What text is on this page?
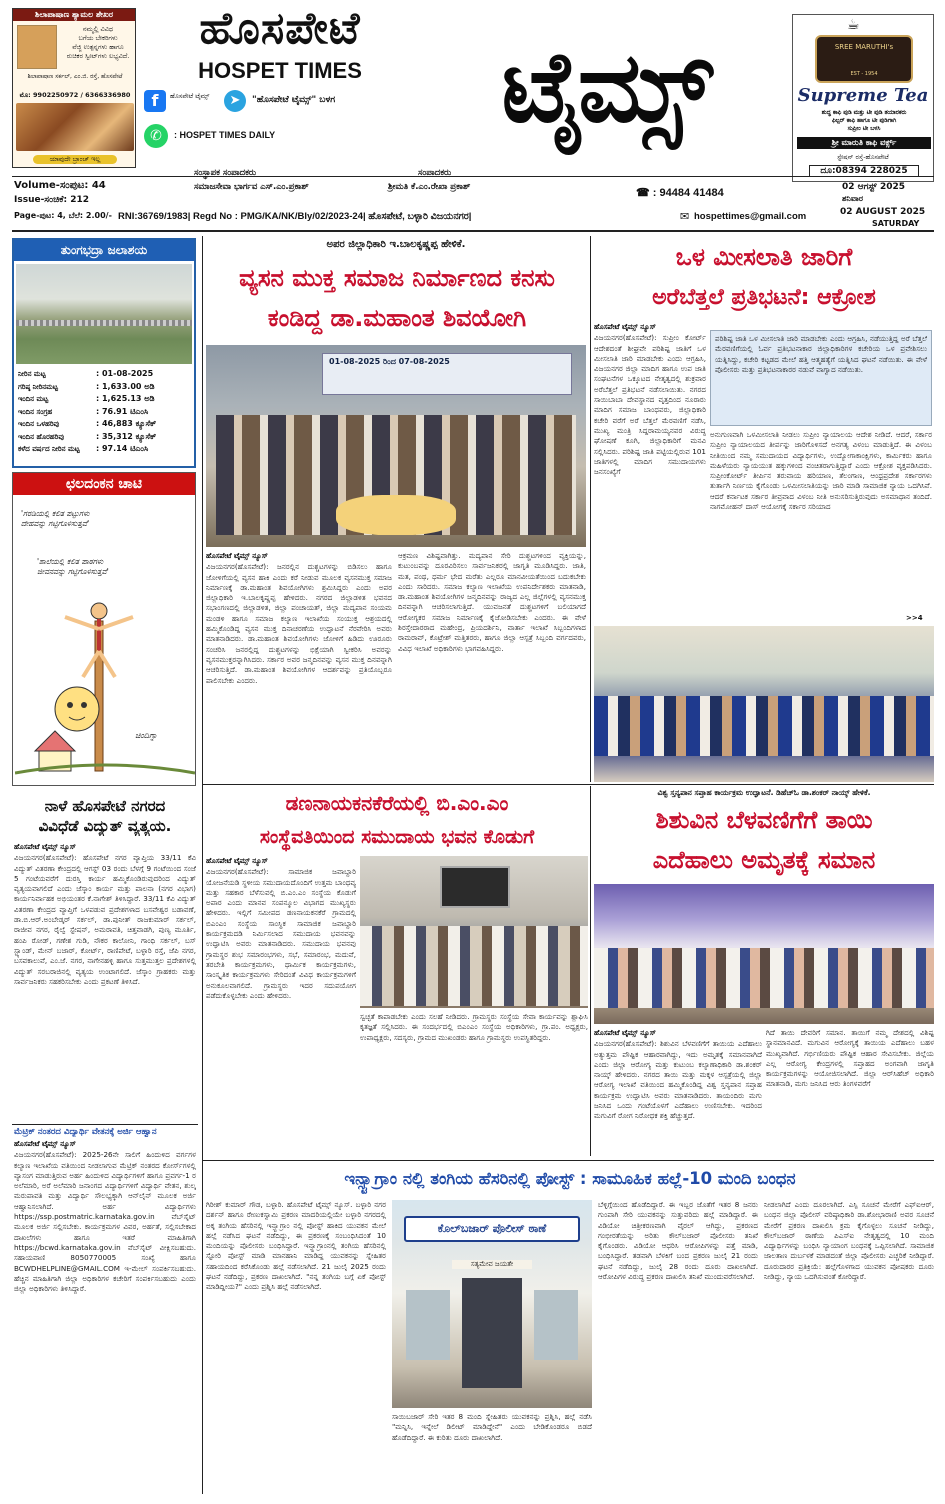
ಶಿಲಾಪಾಷಾಣ ಶ್ಯಾಮಲ ಶೇಖರ
ನಮ್ಮಲ್ಲಿ ವಿವಿಧ
ಬಗೆಯ ಬೇಕರಿಗಳು
ವೆಜ್ಜಿ ಉತ್ಪನ್ನಗಳು ಹಾಗೂ
ರುಚಿಕರ ಸ್ವೀಟ್‌ಗಳು ಲಭ್ಯವಿದೆ.
ಶಿಲಾಪಾಷಾಣ ಸರ್ಕಲ್, ಎಂ.ಜಿ. ರಸ್ತೆ, ಹೊಸಪೇಟೆ
ಮೊ: 9902250972 / 6366336980
ಯಾವುದೇ ಬ್ರಾಂಚ್ ಇಲ್ಲ
ಹೊಸಪೇಟೆ
HOSPET TIMES
f	ಹೊಸಪೇಟೆ ಟೈಮ್ಸ್	➤	"ಹೊಸಪೇಟೆ ಟೈಮ್ಸ್" ಬಳಗ
✆	: HOSPET TIMES DAILY	ಟೈಮ್ಸ್
☕
SREE MARUTHI's
EST - 1954
Supreme Tea
ಶುದ್ಧ ಕಾಫಿ ಪುಡಿ ಮತ್ತು ಟೀ ಪುಡಿ ತಯಾರಕರು
ಫಿಲ್ಟರ್ ಕಾಫಿ ಹಾಗೂ ಟೀ ಪುಡಿಗಾಗಿ
ಸುಪ್ರೀಂ ಟೀ ಬಳಸಿ
ಶ್ರೀ ಮಾರುತಿ ಕಾಫಿ ವರ್ಕ್ಸ್
ಸ್ಟೇಷನ್ ರಸ್ತೆ-ಹೊಸಪೇಟೆ
ದೂ:08394 228025
Volume-ಸಂಪುಟ: 44
Issue-ಸಂಚಿಕೆ: 212
Page-ಪುಟ: 4, ಬೆಲೆ: 2.00/-
ಸಂಸ್ಥಾಪಕ ಸಂಪಾದಕರು	ಸಂಪಾದಕರು
ಸಮಾಜಸೇವಾ ಭಾರ್ಗವ ಎಸ್.ಎಂ.ಪ್ರಕಾಶ್	ಶ್ರೀಮತಿ ಕೆ.ಎಂ.ರೇಖಾ ಪ್ರಕಾಶ್	☎ : 94484 41484	02 ಆಗಸ್ಟ್ 2025
ಶನಿವಾರ
RNI:36769/1983| Regd No : PMG/KA/NK/Bly/02/2023-24| ಹೊಸಪೇಟೆ, ಬಳ್ಳಾರಿ ವಿಜಯನಗರ|	✉ hospettimes@gmail.com	02 AUGUST 2025
SATURDAY
ತುಂಗಭದ್ರಾ ಜಲಾಶಯ
ನೀರಿನ ಮಟ್ಟ	: 01-08-2025
ಗರಿಷ್ಠ ನೀರಿನಮಟ್ಟ	: 1,633.00 ಅಡಿ
ಇಂದಿನ ಮಟ್ಟ	: 1,625.13 ಅಡಿ
ಇಂದಿನ ಸಂಗ್ರಹ	: 76.91 ಟಿಎಂಸಿ
ಇಂದಿನ ಒಳಹರಿವು	: 46,883 ಕ್ಯೂಸೆಕ್
ಇಂದಿನ ಹೊರಹರಿವು	: 35,312 ಕ್ಯೂಸೆಕ್
ಕಳೆದ ವರ್ಷದ ನೀರಿನ ಮಟ್ಟ	: 97.14 ಟಿಎಂಸಿ
ಛಲದಂಕನ ಚಾಟಿ
'ಗರಡಿಯಲ್ಲಿ ಕಲಿತ ಪಟ್ಟುಗಳು
ದೇಹವನ್ನು ಗಟ್ಟಿಗೊಳಿಸುತ್ತವೆ'
'ಶಾಲೆಯಲ್ಲಿ ಕಲಿತ ಪಾಠಗಳು
ಜೀವನವನ್ನು ಗಟ್ಟಿಗೊಳಿಸುತ್ತವೆ'
ಚಿಂದಿಗ್ನಾ
ನಾಳೆ ಹೊಸಪೇಟೆ ನಗರದ
ವಿವಿಧೆಡೆ ವಿದ್ಯುತ್ ವ್ಯತ್ಯಯ.

ಹೊಸಪೇಟೆ ಟೈಮ್ಸ್ ನ್ಯೂಸ್

ವಿಜಯನಗರ(ಹೊಸಪೇಟೆ): ಹೊಸಪೇಟೆ ನಗರ ವ್ಯಾಪ್ತಿಯ 33/11 ಕೆವಿ ವಿದ್ಯುತ್ ವಿತರಣಾ ಕೇಂದ್ರದಲ್ಲಿ ಆಗಸ್ಟ್ 03 ರಂದು ಬೆಳಗ್ಗೆ 9 ಗಂಟೆಯಿಂದ ಸಂಜೆ 5 ಗಂಟೆಯವರೆಗೆ ದುರಸ್ತಿ ಕಾರ್ಯ ಹಮ್ಮಿಕೊಂಡಿರುವುದರಿಂದ ವಿದ್ಯುತ್ ವ್ಯತ್ಯಯವಾಗಲಿದೆ ಎಂದು ಜೆಸ್ಕಾಂ ಕಾರ್ಯ ಮತ್ತು ಪಾಲನಾ (ನಗರ ವಿಭಾಗ) ಕಾರ್ಯನಿರ್ವಾಹಕ ಅಭಿಯಂತರ ಕೆ.ನಾಗೇಶ್ ತಿಳಿಸಿದ್ದಾರೆ. 33/11 ಕೆವಿ ವಿದ್ಯುತ್ ವಿತರಣಾ ಕೇಂದ್ರದ ವ್ಯಾಪ್ತಿಗೆ ಒಳಪಡುವ ಪ್ರದೇಶಗಳಾದ ಬಸವೇಶ್ವರ ಬಡಾವಣೆ, ಡಾ.ಬಿ.ಆರ್.ಅಂಬೇಡ್ಕರ್ ಸರ್ಕಲ್, ಡಾ.ಪುನೀತ್ ರಾಜಕುಮಾರ್ ಸರ್ಕಲ್, ರಾಜೀವ ನಗರ, ರೈಲ್ವೆ ಸ್ಟೇಷನ್, ಅಮರಾವತಿ, ಚಿತ್ತವಾಡಗಿ, ಪುಣ್ಯ ಮೂರ್ತಿ, ಹಂಪಿ ರೋಡ್, ಗಣೇಶ ಗುಡಿ, ನೌಕರ ಕಾಲೋನಿ, ಗಾಂಧಿ ಸರ್ಕಲ್, ಬಸ್ ಸ್ಟ್ಯಾಂಡ್, ಮೇನ್ ಬಜಾರ್, ಕೋರ್ಟ್, ರಾಣಿಪೇಟೆ, ಬಳ್ಳಾರಿ ರಸ್ತೆ, ಜೆಪಿ ನಗರ, ಬಸವಕಾಲುವೆ, ಎಂ.ಜೆ. ನಗರ, ನಾಗೇನಹಳ್ಳಿ ಹಾಗೂ ಸುತ್ತಮುತ್ತಲ ಪ್ರದೇಶಗಳಲ್ಲಿ ವಿದ್ಯುತ್ ಸರಬರಾಜಿನಲ್ಲಿ ವ್ಯತ್ಯಯ ಉಂಟಾಗಲಿದೆ. ಜೆಸ್ಕಾಂ ಗ್ರಾಹಕರು ಮತ್ತು ಸಾರ್ವಜನಿಕರು ಸಹಕರಿಸಬೇಕು ಎಂದು ಪ್ರಕಟಣೆ ತಿಳಿಸಿದೆ.

ಮೆಟ್ರಿಕ್ ನಂತರದ ವಿದ್ಯಾರ್ಥಿ ವೇತನಕ್ಕೆ ಅರ್ಜಿ ಆಹ್ವಾನ

ಹೊಸಪೇಟೆ ಟೈಮ್ಸ್ ನ್ಯೂಸ್

ವಿಜಯನಗರ(ಹೊಸಪೇಟೆ): 2025-26ನೇ ಸಾಲಿಗೆ ಹಿಂದುಳಿದ ವರ್ಗಗಳ ಕಲ್ಯಾಣ ಇಲಾಖೆಯ ವತಿಯಿಂದ ನೀಡಲಾಗುವ ಮೆಟ್ರಿಕ್ ನಂತರದ ಕೋರ್ಸ್‌ಗಳಲ್ಲಿ ವ್ಯಾಸಂಗ ಮಾಡುತ್ತಿರುವ ಅರ್ಹ ಹಿಂದುಳಿದ ವಿದ್ಯಾರ್ಥಿಗಳಿಗೆ ಹಾಗೂ ಪ್ರವರ್ಗ-1 ರ ಅಲೆಮಾರಿ, ಅರೆ ಅಲೆಮಾರಿ ಜನಾಂಗದ ವಿದ್ಯಾರ್ಥಿಗಳಿಗೆ ವಿದ್ಯಾರ್ಥಿ ವೇತನ, ಶುಲ್ಕ ಮರುಪಾವತಿ ಮತ್ತು ವಿದ್ಯಾರ್ಥಿ ಸೌಲಭ್ಯಕ್ಕಾಗಿ ಆನ್‌ಲೈನ್ ಮೂಲಕ ಅರ್ಜಿ ಆಹ್ವಾನಿಸಲಾಗಿದೆ. ಅರ್ಹ ವಿದ್ಯಾರ್ಥಿಗಳು https://ssp.postmatric.karnataka.gov.in ವೆಬ್‌ಸೈಟ್ ಮೂಲಕ ಅರ್ಜಿ ಸಲ್ಲಿಸಬೇಕು. ಕಾರ್ಯಕ್ರಮಗಳ ವಿವರ, ಅರ್ಹತೆ, ಸಲ್ಲಿಸಬೇಕಾದ ದಾಖಲೆಗಳು ಹಾಗೂ ಇತರೆ ಮಾಹಿತಿಗಾಗಿ https://bcwd.karnataka.gov.in ವೆಬ್‌ಸೈಟ್ ವೀಕ್ಷಿಸಬಹುದು. ಸಹಾಯವಾಣಿ 8050770005 ಸಂಖ್ಯೆ ಹಾಗೂ BCWDHELPLINE@GMAIL.COM ಇ-ಮೇಲ್ ಸಂಪರ್ಕಿಸಬಹುದು. ಹೆಚ್ಚಿನ ಮಾಹಿತಿಗಾಗಿ ಜಿಲ್ಲಾ ಅಧಿಕಾರಿಗಳ ಕಚೇರಿಗೆ ಸಂಪರ್ಕಿಸಬಹುದು ಎಂದು ಜಿಲ್ಲಾ ಅಧಿಕಾರಿಗಳು ತಿಳಿಸಿದ್ದಾರೆ.

ಅಪರ ಜಿಲ್ಲಾಧಿಕಾರಿ ಇ.ಬಾಲಕೃಷ್ಣಪ್ಪ ಹೇಳಿಕೆ.
ವ್ಯಸನ ಮುಕ್ತ ಸಮಾಜ ನಿರ್ಮಾಣದ ಕನಸು
ಕಂಡಿದ್ದ ಡಾ.ಮಹಾಂತ ಶಿವಯೋಗಿ
01-08-2025 ರಿಂದ 07-08-2025

ಹೊಸಪೇಟೆ ಟೈಮ್ಸ್ ನ್ಯೂಸ್

ವಿಜಯನಗರ(ಹೊಸಪೇಟೆ): ಜನರಲ್ಲಿನ ದುಶ್ಚಟಗಳನ್ನು ಬಿಡಿಸಲು ಹಾಗೂ ಜೋಳಿಗೆಯಲ್ಲಿ ವ್ಯಸನ ಹಾಕಿ ಎಂದು ಕರೆ ನೀಡುವ ಮೂಲಕ ವ್ಯಸನಮುಕ್ತ ಸಮಾಜ ನಿರ್ಮಾಣಕ್ಕೆ ಡಾ.ಮಹಾಂತ ಶಿವಯೋಗಿಗಳು ಶ್ರಮಿಸಿದ್ದರು ಎಂದು ಅಪರ ಜಿಲ್ಲಾಧಿಕಾರಿ ಇ.ಬಾಲಕೃಷ್ಣಪ್ಪ ಹೇಳಿದರು. ನಗರದ ಜಿಲ್ಲಾಡಳಿತ ಭವನದ ಸಭಾಂಗಣದಲ್ಲಿ ಜಿಲ್ಲಾಡಳಿತ, ಜಿಲ್ಲಾ ಪಂಚಾಯತ್, ಜಿಲ್ಲಾ ಮದ್ಯಪಾನ ಸಂಯಮ ಮಂಡಳಿ ಹಾಗೂ ಸಮಾಜ ಕಲ್ಯಾಣ ಇಲಾಖೆಯ ಸಂಯುಕ್ತ ಆಶ್ರಯದಲ್ಲಿ ಹಮ್ಮಿಕೊಂಡಿದ್ದ ವ್ಯಸನ ಮುಕ್ತ ದಿನಾಚರಣೆಯ ಉದ್ಘಾಟನೆ ನೆರವೇರಿಸಿ ಅವರು ಮಾತನಾಡಿದರು. ಡಾ.ಮಹಾಂತ ಶಿವಯೋಗಿಗಳು ಜೋಳಿಗೆ ಹಿಡಿದು ಊರೂರು ಸಂಚರಿಸಿ ಜನರಲ್ಲಿದ್ದ ದುಶ್ಚಟಗಳನ್ನು ಭಿಕ್ಷೆಯಾಗಿ ಸ್ವೀಕರಿಸಿ ಅವರನ್ನು ವ್ಯಸನಮುಕ್ತರನ್ನಾಗಿಸಿದರು. ಸರ್ಕಾರ ಅವರ ಜನ್ಮದಿನವನ್ನು ವ್ಯಸನ ಮುಕ್ತ ದಿನವನ್ನಾಗಿ ಆಚರಿಸುತ್ತಿದೆ. ಡಾ.ಮಹಾಂತ ಶಿವಯೋಗಿಗಳ ಆದರ್ಶವನ್ನು ಪ್ರತಿಯೊಬ್ಬರೂ ಪಾಲಿಸಬೇಕು ಎಂದರು.

ಆಕ್ರಮಣ ವಿಶಿಷ್ಟವಾಗಿತ್ತು. ಮದ್ಯಪಾನ ಸೇರಿ ದುಶ್ಚಟಗಳಿಂದ ವ್ಯಕ್ತಿಯನ್ನು, ಕುಟುಂಬವನ್ನು ದೂರವಿರಿಸಲು ಸಾರ್ವಜನಿಕರಲ್ಲಿ ಜಾಗೃತಿ ಮೂಡಿಸಿದ್ದರು. ಜಾತಿ, ಮತ, ಪಂಥ, ಧರ್ಮ ಭೇದ ಮರೆತು ಎಲ್ಲರೂ ಮಾನವೀಯತೆಯಿಂದ ಬದುಕಬೇಕು ಎಂದು ಸಾರಿದರು. ಸಮಾಜ ಕಲ್ಯಾಣ ಇಲಾಖೆಯ ಉಪನಿರ್ದೇಶಕರು ಮಾತನಾಡಿ, ಡಾ.ಮಹಾಂತ ಶಿವಯೋಗಿಗಳ ಜನ್ಮದಿನವನ್ನು ರಾಜ್ಯದ ಎಲ್ಲ ಜಿಲ್ಲೆಗಳಲ್ಲಿ ವ್ಯಸನಮುಕ್ತ ದಿನವನ್ನಾಗಿ ಆಚರಿಸಲಾಗುತ್ತಿದೆ. ಯುವಜನತೆ ದುಶ್ಚಟಗಳಿಗೆ ಬಲಿಯಾಗದೆ ಆರೋಗ್ಯಕರ ಸಮಾಜ ನಿರ್ಮಾಣಕ್ಕೆ ಕೈಜೋಡಿಸಬೇಕು ಎಂದರು. ಈ ವೇಳೆ ಶಿರಸ್ತೇದಾರರಾದ ಮಹೇಂದ್ರ, ಪ್ರಿಯದರ್ಶಿನಿ, ವಾರ್ತಾ ಇಲಾಖೆ ಸಿಬ್ಬಂದಿಗಳಾದ ರಾಮರಾವ್, ಕೊಟ್ರೇಶ್ ಮತ್ತಿತರರು, ಹಾಗೂ ಜಿಲ್ಲಾ ಆಸ್ಪತ್ರೆ ಸಿಬ್ಬಂದಿ ವರ್ಗದವರು, ವಿವಿಧ ಇಲಾಖೆ ಅಧಿಕಾರಿಗಳು ಭಾಗವಹಿಸಿದ್ದರು.

ಒಳ ಮೀಸಲಾತಿ ಜಾರಿಗೆ
ಅರೆಬೆತ್ತಲೆ ಪ್ರತಿಭಟನೆ: ಆಕ್ರೋಶ

ಹೊಸಪೇಟೆ ಟೈಮ್ಸ್ ನ್ಯೂಸ್

ವಿಜಯನಗರ(ಹೊಸಪೇಟೆ): ಸುಪ್ರೀಂ ಕೋರ್ಟ್ ಆದೇಶದಂತೆ ಶೀಘ್ರವೇ ಪರಿಶಿಷ್ಟ ಜಾತಿಗೆ ಒಳ ಮೀಸಲಾತಿ ಜಾರಿ ಮಾಡಬೇಕು ಎಂದು ಆಗ್ರಹಿಸಿ, ವಿಜಯನಗರ ಜಿಲ್ಲಾ ಮಾದಿಗ ಹಾಗೂ ಉಪ ಜಾತಿ ಸಂಘಟನೆಗಳ ಒಕ್ಕೂಟದ ನೇತೃತ್ವದಲ್ಲಿ ಶುಕ್ರವಾರ ಅರೆಬೆತ್ತಲೆ ಪ್ರತಿಭಟನೆ ನಡೆಸಲಾಯಿತು. ನಗರದ ಸಾಯಿಬಾಬಾ ದೇವಸ್ಥಾನದ ವೃತ್ತದಿಂದ ನೂರಾರು ಮಾದಿಗ ಸಮಾಜ ಬಾಂಧವರು, ಜಿಲ್ಲಾಧಿಕಾರಿ ಕಚೇರಿ ವರೆಗೆ ಅರೆ ಬೆತ್ತಲೆ ಮೆರವಣಿಗೆ ನಡೆಸಿ, ಮುಖ್ಯ ಮಂತ್ರಿ ಸಿದ್ದರಾಮಯ್ಯನವರ ವಿರುದ್ಧ ಘೋಷಣೆ ಕೂಗಿ, ಜಿಲ್ಲಾಧಿಕಾರಿಗೆ ಮನವಿ ಸಲ್ಲಿಸಿದರು. ಪರಿಶಿಷ್ಟ ಜಾತಿ ಪಟ್ಟಿಯಲ್ಲಿರುವ 101 ಜಾತಿಗಳಲ್ಲಿ ಮಾದಿಗ ಸಮುದಾಯಗಳು ಜನಸಂಖ್ಯೆಗೆ

ಪರಿಶಿಷ್ಟ ಜಾತಿ ಒಳ ಮೀಸಲಾತಿ ಜಾರಿ ಮಾಡಬೇಕು ಎಂದು ಆಗ್ರಹಿಸಿ, ನಡೆಯುತ್ತಿದ್ದ ಅರೆ ಬೆತ್ತಲೆ ಮೆರವಣಿಗೆಯಲ್ಲಿ ಓರ್ವ ಪ್ರತಿಭಟನಾಕಾರ ಜಿಲ್ಲಾಧಿಕಾರಿಗಳ ಕಚೇರಿಯ ಒಳ ಪ್ರವೇಶಿಸಲು ಯತ್ನಿಸಿದ್ದು, ಕಚೇರಿ ಕಟ್ಟಡದ ಮೇಲೆ ಹತ್ತಿ ಆತ್ಮಹತ್ಯೆಗೆ ಯತ್ನಿಸಿದ ಘಟನೆ ನಡೆಯಿತು. ಈ ವೇಳೆ ಪೊಲೀಸರು ಮತ್ತು ಪ್ರತಿಭಟನಾಕಾರರ ನಡುವೆ ವಾಗ್ವಾದ ನಡೆಯಿತು.

ಅನುಗುಣವಾಗಿ ಒಳಮೀಸಲಾತಿ ನೀಡಲು ಸುಪ್ರೀಂ ನ್ಯಾಯಾಲಯ ಆದೇಶ ನೀಡಿದೆ. ಆದರೆ, ಸರ್ಕಾರ ಸುಪ್ರೀಂ ನ್ಯಾಯಾಲಯದ ತೀರ್ಪನ್ನು ಜಾರಿಗೊಳಿಸದೆ ಅನಗತ್ಯ ವಿಳಂಬ ಮಾಡುತ್ತಿದೆ. ಈ ವಿಳಂಬ ನೀತಿಯಿಂದ ನಮ್ಮ ಸಮುದಾಯದ ವಿದ್ಯಾರ್ಥಿಗಳು, ಉದ್ಯೋಗಾಕಾಂಕ್ಷಿಗಳು, ಕಾರ್ಮಿಕರು ಹಾಗೂ ಮಹಿಳೆಯರು ನ್ಯಾಯಯುತ ಹಕ್ಕುಗಳಿಂದ ವಂಚಿತರಾಗುತ್ತಿದ್ದಾರೆ ಎಂದು ಆಕ್ರೋಶ ವ್ಯಕ್ತಪಡಿಸಿದರು. ಸುಪ್ರೀಂಕೋರ್ಟ್ ತೀರ್ಪಿನ ತರುವಾಯ ಹರಿಯಾಣ, ತೆಲಂಗಾಣ, ಆಂಧ್ರಪ್ರದೇಶ ಸರ್ಕಾರಗಳು ತುರ್ತಾಗಿ ನಿರ್ಣಯ ಕೈಗೊಂಡು ಒಳಮೀಸಲಾತಿಯನ್ನು ಜಾರಿ ಮಾಡಿ ಸಾಮಾಜಿಕ ನ್ಯಾಯ ಒದಗಿಸಿವೆ. ಆದರೆ ಕರ್ನಾಟಕ ಸರ್ಕಾರ ತೀವ್ರವಾದ ವಿಳಂಬ ನೀತಿ ಅನುಸರಿಸುತ್ತಿರುವುದು ಅಸಮಾಧಾನ ತಂದಿದೆ. ನಾಗಮೋಹನ್ ದಾಸ್ ಆಯೋಗಕ್ಕೆ ಸರ್ಕಾರ ಸರಿಯಾದ

>>4
ಡಣನಾಯಕನಕೆರೆಯಲ್ಲಿ ಬಿ.ಎಂ.ಎಂ
ಸಂಸ್ಥೆವತಿಯಿಂದ ಸಮುದಾಯ ಭವನ ಕೊಡುಗೆ

ಹೊಸಪೇಟೆ ಟೈಮ್ಸ್ ನ್ಯೂಸ್

ವಿಜಯನಗರ(ಹೊಸಪೇಟೆ): ಸಾಮಾಜಿಕ ಜವಾಬ್ದಾರಿ ಯೋಜನೆಯಡಿ ಸ್ಥಳೀಯ ಸಮುದಾಯದೊಂದಿಗೆ ಉತ್ತಮ ಬಾಂಧವ್ಯ ಮತ್ತು ಸಹಕಾರ ಬೆಳೆಸುವಲ್ಲಿ ಬಿ.ಎಂ.ಎಂ ಸಂಸ್ಥೆಯ ಕೊಡುಗೆ ಅಪಾರ ಎಂದು ಮಾನವ ಸಂಪನ್ಮೂಲ ವಿಭಾಗದ ಮುಖ್ಯಸ್ಥರು ಹೇಳಿದರು. ಇಲ್ಲಿಗೆ ಸಮೀಪದ ಡಣನಾಯಕನಕೆರೆ ಗ್ರಾಮದಲ್ಲಿ ಬಿಎಂಎಂ ಸಂಸ್ಥೆಯ ಸಾಂಸ್ಥಿಕ ಸಾಮಾಜಿಕ ಜವಾಬ್ದಾರಿ ಕಾರ್ಯಕ್ರಮದಡಿ ನಿರ್ಮಿಸಲಾದ ಸಮುದಾಯ ಭವನವನ್ನು ಉದ್ಘಾಟಿಸಿ ಅವರು ಮಾತನಾಡಿದರು. ಸಮುದಾಯ ಭವನವು ಗ್ರಾಮಸ್ಥರ ಶುಭ ಸಮಾರಂಭಗಳು, ಸಭೆ, ಸಮಾರಂಭ, ಮದುವೆ, ತರಬೇತಿ ಕಾರ್ಯಕ್ರಮಗಳು, ಧಾರ್ಮಿಕ ಕಾರ್ಯಕ್ರಮಗಳು, ಸಾಂಸ್ಕೃತಿಕ ಕಾರ್ಯಕ್ರಮಗಳು ಸೇರಿದಂತೆ ವಿವಿಧ ಕಾರ್ಯಕ್ರಮಗಳಿಗೆ ಅನುಕೂಲವಾಗಲಿದೆ. ಗ್ರಾಮಸ್ಥರು ಇದರ ಸದುಪಯೋಗ ಪಡೆದುಕೊಳ್ಳಬೇಕು ಎಂದು ಹೇಳಿದರು.

ಸ್ವಚ್ಛತೆ ಕಾಪಾಡಬೇಕು ಎಂದು ಸಲಹೆ ನೀಡಿದರು. ಗ್ರಾಮಸ್ಥರು ಸಂಸ್ಥೆಯ ಸೇವಾ ಕಾರ್ಯವನ್ನು ಶ್ಲಾಘಿಸಿ ಕೃತಜ್ಞತೆ ಸಲ್ಲಿಸಿದರು. ಈ ಸಂದರ್ಭದಲ್ಲಿ ಬಿಎಂಎಂ ಸಂಸ್ಥೆಯ ಅಧಿಕಾರಿಗಳು, ಗ್ರಾ.ಪಂ. ಅಧ್ಯಕ್ಷರು, ಉಪಾಧ್ಯಕ್ಷರು, ಸದಸ್ಯರು, ಗ್ರಾಮದ ಮುಖಂಡರು ಹಾಗೂ ಗ್ರಾಮಸ್ಥರು ಉಪಸ್ಥಿತರಿದ್ದರು.

ವಿಶ್ವ ಸ್ತನ್ಯಪಾನ ಸಪ್ತಾಹ ಕಾರ್ಯಕ್ರಮ ಉದ್ಘಾಟನೆ. ಡಿಹೆಚ್ಓ ಡಾ.ಶಂಕರ್ ನಾಯ್ಕ್ ಹೇಳಿಕೆ.
ಶಿಶುವಿನ ಬೆಳವಣಿಗೆಗೆ ತಾಯಿ
ಎದೆಹಾಲು ಅಮೃತಕ್ಕೆ ಸಮಾನ

ಹೊಸಪೇಟೆ ಟೈಮ್ಸ್ ನ್ಯೂಸ್

ವಿಜಯನಗರ(ಹೊಸಪೇಟೆ): ಶಿಶುವಿನ ಬೆಳವಣಿಗೆಗೆ ತಾಯಿಯ ಎದೆಹಾಲು ಅತ್ಯುತ್ತಮ ಪೌಷ್ಟಿಕ ಆಹಾರವಾಗಿದ್ದು, ಇದು ಅಮೃತಕ್ಕೆ ಸಮಾನವಾಗಿದೆ ಎಂದು ಜಿಲ್ಲಾ ಆರೋಗ್ಯ ಮತ್ತು ಕುಟುಂಬ ಕಲ್ಯಾಣಾಧಿಕಾರಿ ಡಾ.ಶಂಕರ್ ನಾಯ್ಕ್ ಹೇಳಿದರು. ನಗರದ ತಾಯಿ ಮತ್ತು ಮಕ್ಕಳ ಆಸ್ಪತ್ರೆಯಲ್ಲಿ ಜಿಲ್ಲಾ ಆರೋಗ್ಯ ಇಲಾಖೆ ವತಿಯಿಂದ ಹಮ್ಮಿಕೊಂಡಿದ್ದ ವಿಶ್ವ ಸ್ತನ್ಯಪಾನ ಸಪ್ತಾಹ ಕಾರ್ಯಕ್ರಮ ಉದ್ಘಾಟಿಸಿ ಅವರು ಮಾತನಾಡಿದರು. ತಾಯಂದಿರು ಮಗು ಜನಿಸಿದ ಒಂದು ಗಂಟೆಯೊಳಗೆ ಎದೆಹಾಲು ಉಣಿಸಬೇಕು. ಇದರಿಂದ ಮಗುವಿಗೆ ರೋಗ ನಿರೋಧಕ ಶಕ್ತಿ ಹೆಚ್ಚುತ್ತದೆ.

ಗಿದೆ ತಾಯಿ ದೇವರಿಗೆ ಸಮಾನ. ತಾಯಿಗೆ ನಮ್ಮ ದೇಶದಲ್ಲಿ ವಿಶಿಷ್ಟ ಸ್ಥಾನಮಾನವಿದೆ. ಮಗುವಿನ ಆರೋಗ್ಯಕ್ಕೆ ತಾಯಿಯ ಎದೆಹಾಲು ಬಹಳ ಮುಖ್ಯವಾಗಿದೆ. ಗರ್ಭಿಣಿಯರು ಪೌಷ್ಟಿಕ ಆಹಾರ ಸೇವಿಸಬೇಕು. ಜಿಲ್ಲೆಯ ಎಲ್ಲ ಆರೋಗ್ಯ ಕೇಂದ್ರಗಳಲ್ಲಿ ಸಪ್ತಾಹದ ಅಂಗವಾಗಿ ಜಾಗೃತಿ ಕಾರ್ಯಕ್ರಮಗಳನ್ನು ಆಯೋಜಿಸಲಾಗಿದೆ. ಜಿಲ್ಲಾ ಆರ್‌ಸಿಹೆಚ್ ಅಧಿಕಾರಿ ಮಾತನಾಡಿ, ಮಗು ಜನಿಸಿದ ಆರು ತಿಂಗಳವರೆಗೆ

ಇನ್ಸ್ಟಾಗ್ರಾಂ ನಲ್ಲಿ ತಂಗಿಯ ಹೆಸರಿನಲ್ಲಿ ಪೋಸ್ಟ್ : ಸಾಮೂಹಿಕ ಹಲ್ಲೆ-10 ಮಂದಿ ಬಂಧನ

ಗಿರೀಶ್ ಕುಮಾರ್ ಗೌಡ, ಬಳ್ಳಾರಿ. ಹೊಸಪೇಟೆ ಟೈಮ್ಸ್ ನ್ಯೂಸ್. ಬಳ್ಳಾರಿ ನಗರ ದರ್ಶನ್ ಹಾಗೂ ರೇಣುಕಸ್ವಾಮಿ ಪ್ರಕರಣ ಮಾದರಿಯಲ್ಲಿಯೇ ಬಳ್ಳಾರಿ ನಗರದಲ್ಲಿ ಅಕ್ಕ ತಂಗಿಯ ಹೆಸರಿನಲ್ಲಿ ಇನ್ಸ್ಟಾಗ್ರಾಂ ನಲ್ಲಿ ಪೋಸ್ಟ್ ಹಾಕಿದ ಯುವಕನ ಮೇಲೆ ಹಲ್ಲೆ ನಡೆಸಿದ ಘಟನೆ ನಡೆದಿದ್ದು, ಈ ಪ್ರಕರಣಕ್ಕೆ ಸಂಬಂಧಿಸಿದಂತೆ 10 ಮಂದಿಯನ್ನು ಪೊಲೀಸರು ಬಂಧಿಸಿದ್ದಾರೆ. ಇನ್ಸ್ಟಾಗ್ರಾಂನಲ್ಲಿ ತಂಗಿಯ ಹೆಸರಿನಲ್ಲಿ ಸ್ಟೋರಿ ಪೋಸ್ಟ್ ಮಾಡಿ ಮಾನಹಾನಿ ಮಾಡಿದ್ದ ಯುವಕನನ್ನು ಸ್ನೇಹಿತರ ಸಹಾಯದಿಂದ ಕರೆಸಿಕೊಂಡು ಹಲ್ಲೆ ನಡೆಸಲಾಗಿದೆ. 21 ಜುಲೈ 2025 ರಂದು ಘಟನೆ ನಡೆದಿದ್ದು, ಪ್ರಕರಣ ದಾಖಲಾಗಿದೆ. "ನನ್ನ ತಂಗಿಯ ಬಗ್ಗೆ ಏಕೆ ಪೋಸ್ಟ್ ಮಾಡಿದ್ದೀಯ?" ಎಂದು ಪ್ರಶ್ನಿಸಿ ಹಲ್ಲೆ ನಡೆಸಲಾಗಿದೆ.

ಕೊಲ್‌ಬಜಾರ್ ಪೊಲೀಸ್ ಠಾಣೆ
ಸತ್ಯಮೇವ ಜಯತೇ
ಸಾಯಿಬಜಾರ್ ಸೇರಿ ಇತರ 8 ಮಂದಿ ಸ್ನೇಹಿತರು ಯುವಕನನ್ನು ಪ್ರಶ್ನಿಸಿ, ಹಲ್ಲೆ ನಡೆಸಿ "ಮನ್ನಿಸಿ, ಇನ್ನೇಲೆ ಡಿಲೀಟ್ ಮಾಡಿದ್ದೇನೆ" ಎಂದು ಬೇಡಿಕೊಂಡರೂ ಬಿಡದೆ ಹೊಡೆದಿದ್ದಾರೆ. ಈ ಕುರಿತು ದೂರು ದಾಖಲಾಗಿದೆ.

ಬೆಳ್ಳಿಗ್ಗೆಯಿಂದ ಹೊಡೆದಿದ್ದಾರೆ. ಈ ಇಬ್ಬರ ಜೊತೆಗೆ ಇತರ 8 ಜನರು ಗುಂಪಾಗಿ ಸೇರಿ ಯುವಕನನ್ನು ಸುತ್ತುವರಿದು ಹಲ್ಲೆ ಮಾಡಿದ್ದಾರೆ. ಈ ವಿಡಿಯೋ ಚಿತ್ರೀಕರಣವಾಗಿ ವೈರಲ್ ಆಗಿದ್ದು, ಪ್ರಕರಣದ ಗಂಭೀರತೆಯನ್ನು ಅರಿತು ಕೌಲ್‌ಬಜಾರ್ ಪೊಲೀಸರು ತನಿಖೆ ಕೈಗೊಂಡರು. ವಿಡಿಯೋ ಆಧರಿಸಿ ಆರೋಪಿಗಳನ್ನು ಪತ್ತೆ ಮಾಡಿ, ಬಂಧಿಸಿದ್ದಾರೆ. ತಡವಾಗಿ ಬೆಳಕಿಗೆ ಬಂದ ಪ್ರಕರಣ ಜುಲೈ 21 ರಂದು ಘಟನೆ ನಡೆದಿದ್ದು, ಜುಲೈ 28 ರಂದು ದೂರು ದಾಖಲಾಗಿದೆ. ಆರೋಪಿಗಳ ವಿರುದ್ಧ ಪ್ರಕರಣ ದಾಖಲಿಸಿ ತನಿಖೆ ಮುಂದುವರೆಸಲಾಗಿದೆ.

ನೀಡಲಾಗಿದೆ ಎಂದು ದೂರಲಾಗಿದೆ. ಎಸ್ಪಿ ಸೂಚನೆ ಮೇರೆಗೆ ಎಫ್‌ಐಆರ್, ಬಂಧನ ಜಿಲ್ಲಾ ಪೊಲೀಸ್ ವರಿಷ್ಠಾಧಿಕಾರಿ ಡಾ.ಶೋಭಾರಾಣಿ ಅವರ ಸೂಚನೆ ಮೇರೆಗೆ ಪ್ರಕರಣ ದಾಖಲಿಸಿ ಕ್ರಮ ಕೈಗೊಳ್ಳಲು ಸೂಚನೆ ನೀಡಿದ್ದು, ಕೌಲ್‌ಬಜಾರ್ ಠಾಣೆಯ ಪಿಎಸ್ಐ ನೇತೃತ್ವದಲ್ಲಿ 10 ಮಂದಿ ವಿದ್ಯಾರ್ಥಿಗಳನ್ನು ಬಂಧಿಸಿ ನ್ಯಾಯಾಂಗ ಬಂಧನಕ್ಕೆ ಒಪ್ಪಿಸಲಾಗಿದೆ. ಸಾಮಾಜಿಕ ಜಾಲತಾಣ ದುರ್ಬಳಕೆ ಮಾಡದಂತೆ ಜಿಲ್ಲಾ ಪೊಲೀಸರು ಎಚ್ಚರಿಕೆ ನೀಡಿದ್ದಾರೆ. ದೂರುದಾರರ ಪ್ರತಿಕ್ರಿಯೆ: ಹಲ್ಲೆಗೊಳಗಾದ ಯುವಕನ ಪೋಷಕರು ದೂರು ನೀಡಿದ್ದು, ನ್ಯಾಯ ಒದಗಿಸುವಂತೆ ಕೋರಿದ್ದಾರೆ.
